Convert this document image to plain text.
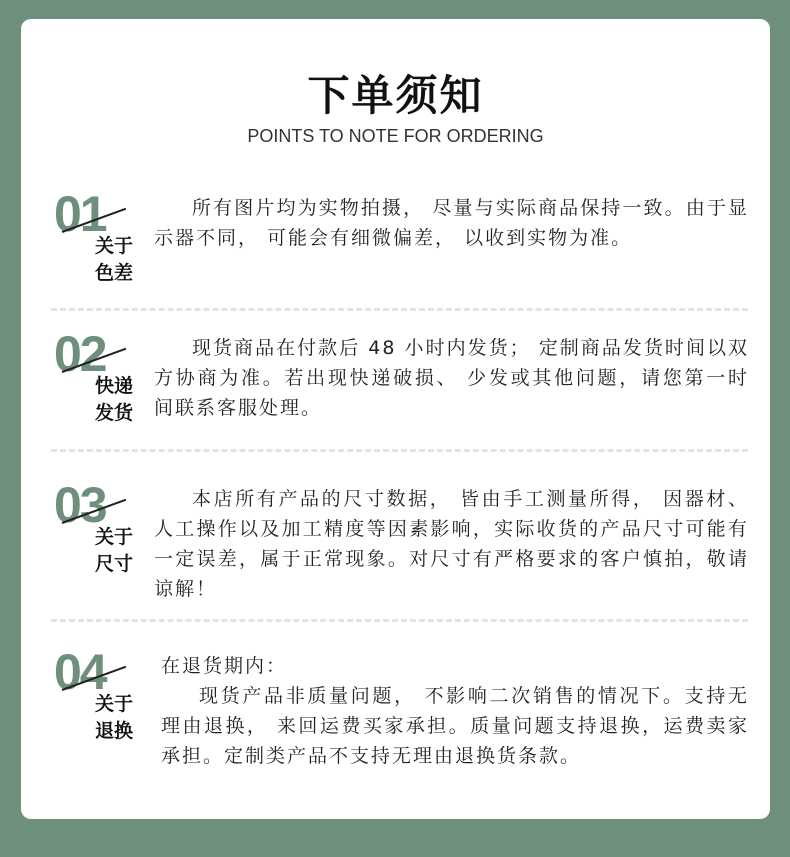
下单须知
POINTS TO NOTE FOR ORDERING
01
关于
色差

所有图片均为实物拍摄， 尽量与实际商品保持一致。由于显示器不同， 可能会有细微偏差， 以收到实物为准。

02
快递
发货

现货商品在付款后 48 小时内发货； 定制商品发货时间以双方协商为准。若出现快递破损、 少发或其他问题，请您第一时间联系客服处理。

03
关于
尺寸

本店所有产品的尺寸数据， 皆由手工测量所得， 因器材、人工操作以及加工精度等因素影响，实际收货的产品尺寸可能有一定误差，属于正常现象。对尺寸有严格要求的客户慎拍，敬请谅解！

04
关于
退换

在退货期内：

现货产品非质量问题， 不影响二次销售的情况下。支持无理由退换， 来回运费买家承担。质量问题支持退换，运费卖家承担。定制类产品不支持无理由退换货条款。
